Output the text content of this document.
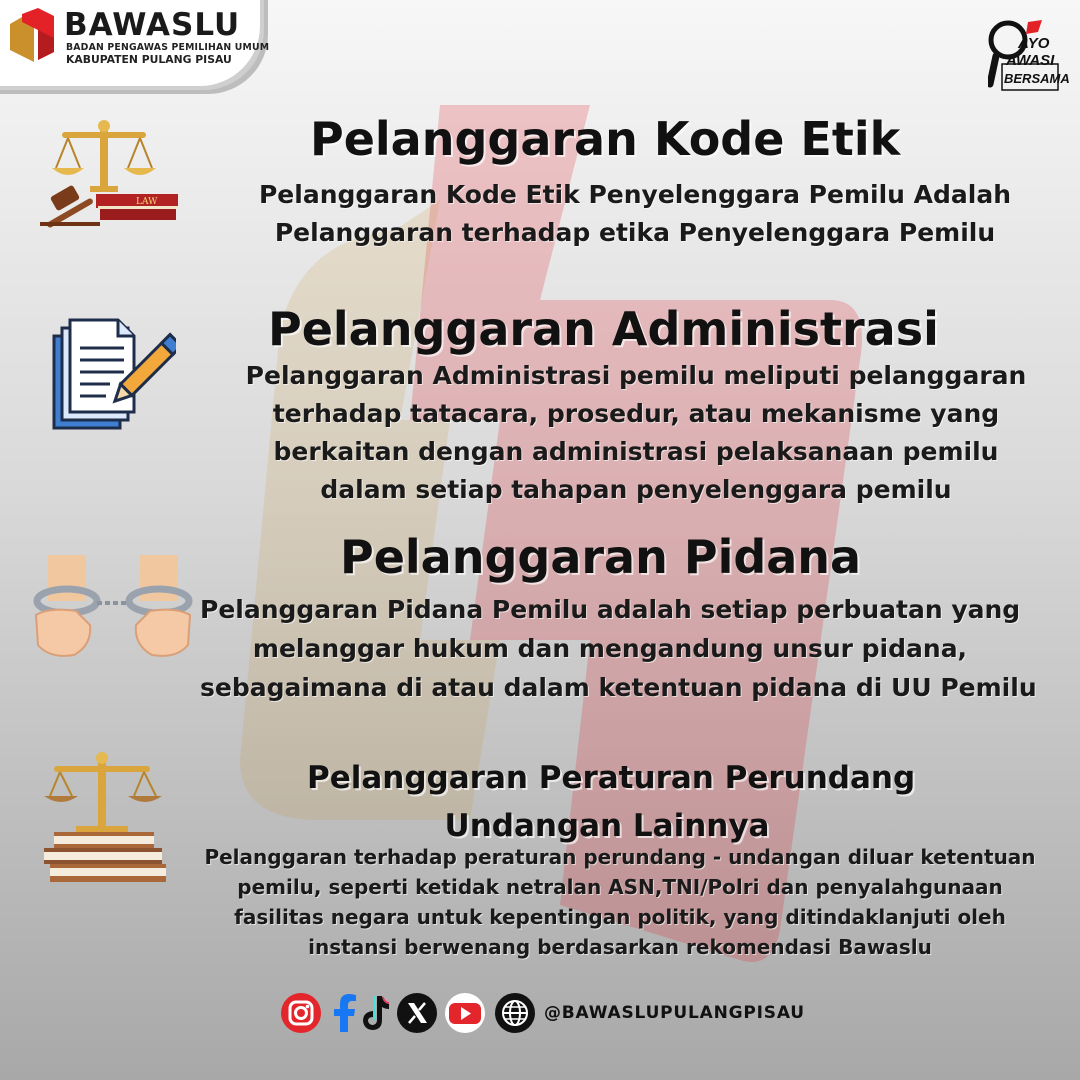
BAWASLU
BADAN PENGAWAS PEMILIHAN UMUM
KABUPATEN PULANG PISAU
AYO
AWASI
BERSAMA
LAW
Pelanggaran Kode Etik
Pelanggaran Kode Etik Penyelenggara Pemilu Adalah
Pelanggaran terhadap etika Penyelenggara Pemilu
Pelanggaran Administrasi
Pelanggaran Administrasi pemilu meliputi pelanggaran
terhadap tatacara, prosedur, atau mekanisme yang
berkaitan dengan administrasi pelaksanaan pemilu
dalam setiap tahapan penyelenggara pemilu
Pelanggaran Pidana
Pelanggaran Pidana Pemilu adalah setiap perbuatan yang
melanggar hukum dan mengandung unsur pidana,
sebagaimana di atau dalam ketentuan pidana di UU Pemilu
Pelanggaran Peraturan Perundang
Undangan Lainnya
Pelanggaran terhadap peraturan perundang - undangan diluar ketentuan
pemilu, seperti ketidak netralan ASN,TNI/Polri dan penyalahgunaan
fasilitas negara untuk kepentingan politik, yang ditindaklanjuti oleh
instansi berwenang berdasarkan rekomendasi Bawaslu
@BAWASLUPULANGPISAU
